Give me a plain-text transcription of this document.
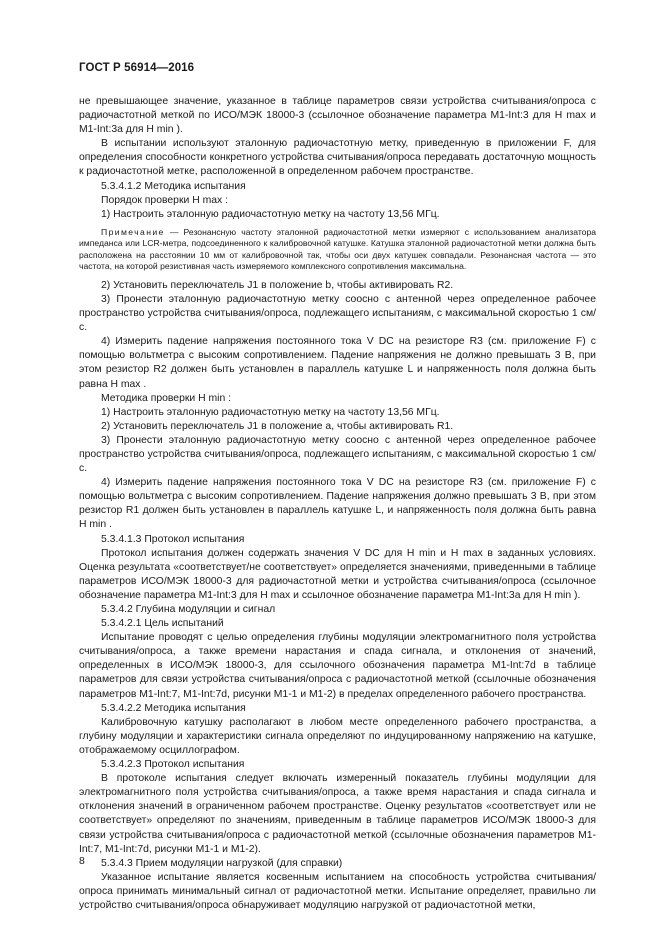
ГОСТ Р 56914—2016

не превышающее значение, указанное в таблице параметров связи устройства считывания/опроса с радиочастотной меткой по ИСО/МЭК 18000-3 (ссылочное обозначение параметра M1-Int:3 для H max и M1-Int:3a для H min ).

В испытании используют эталонную радиочастотную метку, приведенную в приложении F, для определения способности конкретного устройства считывания/опроса передавать достаточную мощность к радиочастотной метке, расположенной в определенном рабочем пространстве.

5.3.4.1.2 Методика испытания

Порядок проверки H max :

1) Настроить эталонную радиочастотную метку на частоту 13,56 МГц.

Примечание — Резонансную частоту эталонной радиочастотной метки измеряют с использованием анализатора импеданса или LCR-метра, подсоединенного к калибровочной катушке. Катушка эталонной радиочастотной метки должна быть расположена на расстоянии 10 мм от калибровочной так, чтобы оси двух катушек совпадали. Резонансная частота — это частота, на которой резистивная часть измеряемого комплексного сопротивления максимальна.

2) Установить переключатель J1 в положение b, чтобы активировать R2.

3) Пронести эталонную радиочастотную метку соосно с антенной через определенное рабочее пространство устройства считывания/опроса, подлежащего испытаниям, с максимальной скоростью 1 см/с.

4) Измерить падение напряжения постоянного тока V DC на резисторе R3 (см. приложение F) с помощью вольтметра с высоким сопротивлением. Падение напряжения не должно превышать 3 В, при этом резистор R2 должен быть установлен в параллель катушке L и напряженность поля должна быть равна H max .

Методика проверки H min :

1) Настроить эталонную радиочастотную метку на частоту 13,56 МГц.

2) Установить переключатель J1 в положение a, чтобы активировать R1.

3) Пронести эталонную радиочастотную метку соосно с антенной через определенное рабочее пространство устройства считывания/опроса, подлежащего испытаниям, с максимальной скоростью 1 см/с.

4) Измерить падение напряжения постоянного тока V DC на резисторе R3 (см. приложение F) с помощью вольтметра с высоким сопротивлением. Падение напряжения должно превышать 3 В, при этом резистор R1 должен быть установлен в параллель катушке L, и напряженность поля должна быть равна H min .

5.3.4.1.3 Протокол испытания

Протокол испытания должен содержать значения V DC для H min и H max в заданных условиях. Оценка результата «соответствует/не соответствует» определяется значениями, приведенными в таблице параметров ИСО/МЭК 18000-3 для радиочастотной метки и устройства считывания/опроса (ссылочное обозначение параметра M1-Int:3 для H max и ссылочное обозначение параметра M1-Int:3a для H min ).

5.3.4.2 Глубина модуляции и сигнал

5.3.4.2.1 Цель испытаний

Испытание проводят с целью определения глубины модуляции электромагнитного поля устройства считывания/опроса, а также времени нарастания и спада сигнала, и отклонения от значений, определенных в ИСО/МЭК 18000-3, для ссылочного обозначения параметра M1-Int:7d в таблице параметров для связи устройства считывания/опроса с радиочастотной меткой (ссылочные обозначения параметров M1-Int:7, M1-Int:7d, рисунки M1-1 и M1-2) в пределах определенного рабочего пространства.

5.3.4.2.2 Методика испытания

Калибровочную катушку располагают в любом месте определенного рабочего пространства, а глубину модуляции и характеристики сигнала определяют по индуцированному напряжению на катушке, отображаемому осциллографом.

5.3.4.2.3 Протокол испытания

В протоколе испытания следует включать измеренный показатель глубины модуляции для электромагнитного поля устройства считывания/опроса, а также время нарастания и спада сигнала и отклонения значений в ограниченном рабочем пространстве. Оценку результатов «соответствует или не соответствует» определяют по значениям, приведенным в таблице параметров ИСО/МЭК 18000-3 для связи устройства считывания/опроса с радиочастотной меткой (ссылочные обозначения параметров M1-Int:7, M1-Int:7d, рисунки M1-1 и M1-2).

5.3.4.3 Прием модуляции нагрузкой (для справки)

Указанное испытание является косвенным испытанием на способность устройства считывания/опроса принимать минимальный сигнал от радиочастотной метки. Испытание определяет, правильно ли устройство считывания/опроса обнаруживает модуляцию нагрузкой от радиочастотной метки,

8
